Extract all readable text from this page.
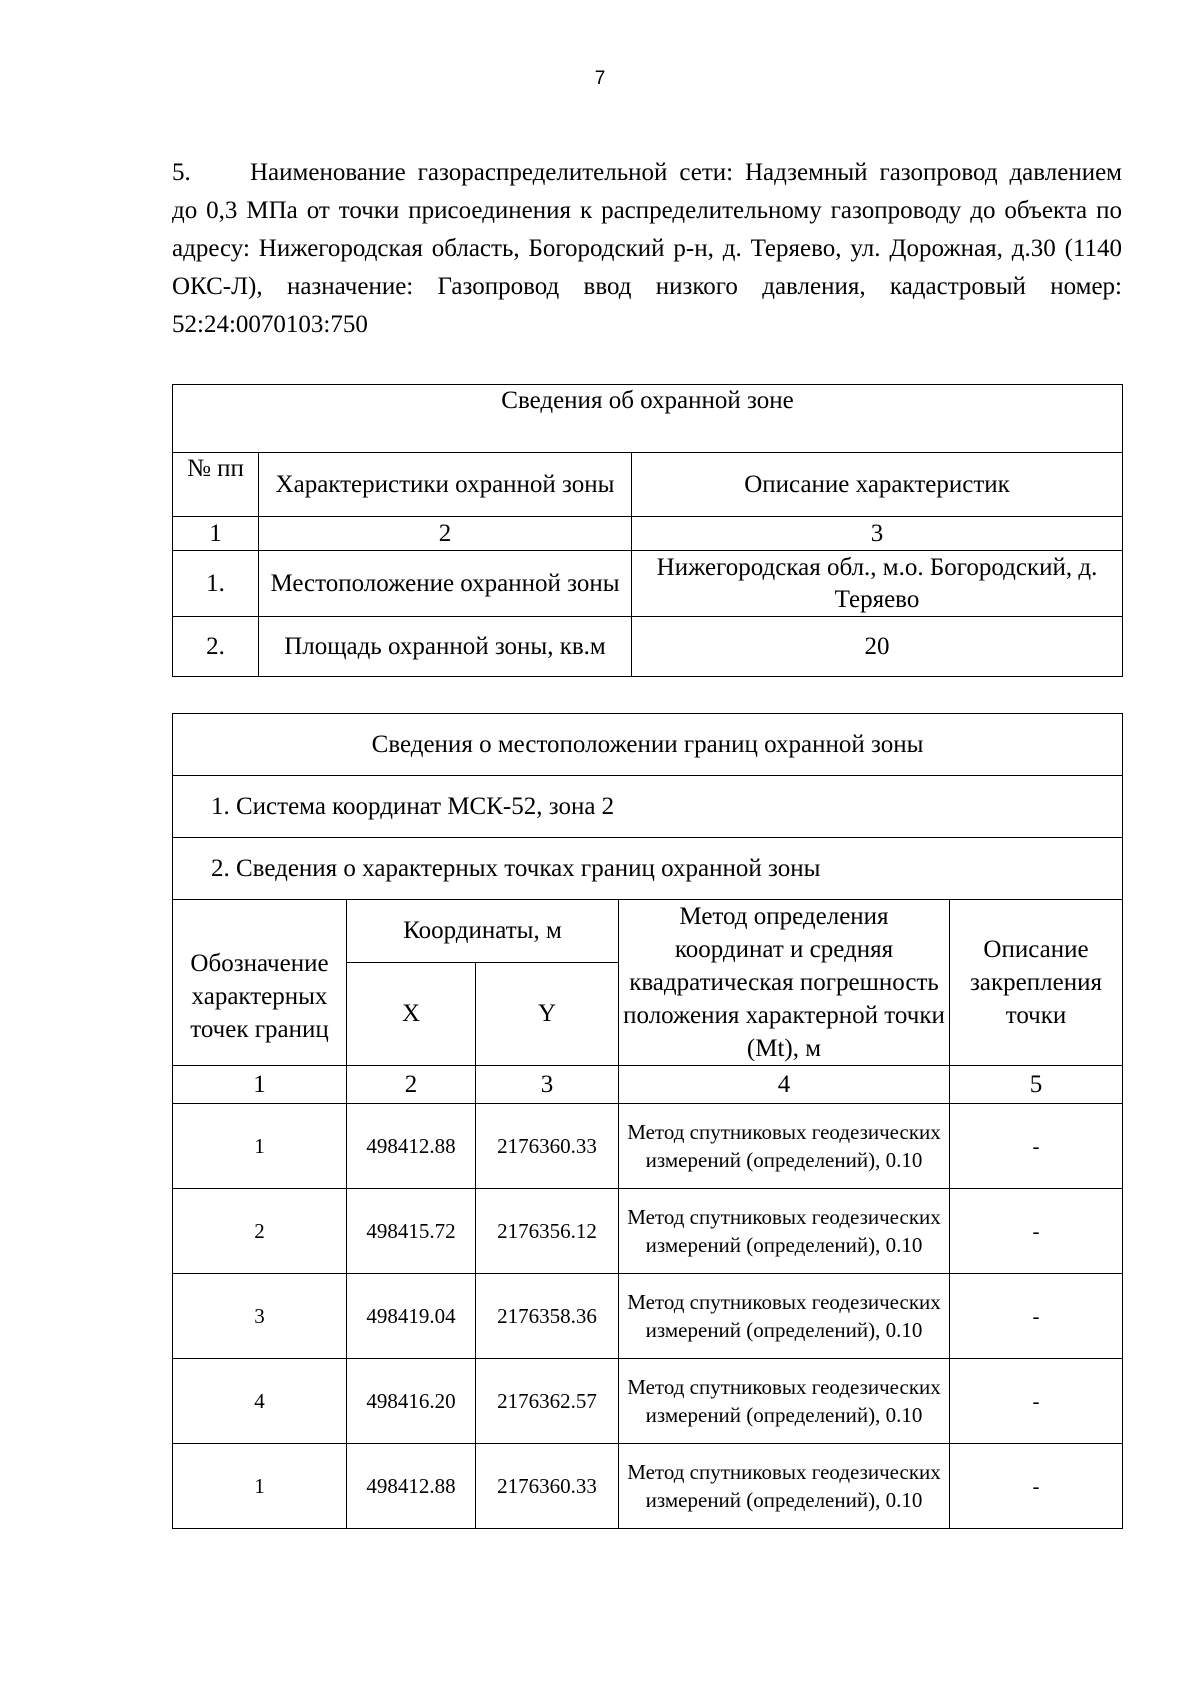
7
5. Наименование газораспределительной сети: Надземный газопровод давлением до 0,3 МПа от точки присоединения к распределительному газопроводу до объекта по адресу: Нижегородская область, Богородский р-н, д. Теряево, ул. Дорожная, д.30 (1140 ОКС-Л), назначение: Газопровод ввод низкого давления, кадастровый номер: 52:24:0070103:750
Сведения об охранной зоне		
№ пп	Характеристики охранной зоны	Описание характеристик
1	2	3
1.	Местоположение охранной зоны	Нижегородская обл., м.о. Богородский, д. Теряево
2.	Площадь охранной зоны, кв.м	20
Сведения о местоположении границ охранной зоны				
1. Система координат МСК-52, зона 2				
2. Сведения о характерных точках границ охранной зоны				
Обозначение характерных точек границ	Координаты, м		Метод определения координат и средняя квадратическая погрешность положения характерной точки (Mt), м	Описание закрепления точки
	X	Y		
1	2	3	4	5
1	498412.88	2176360.33	Метод спутниковых геодезических измерений (определений), 0.10	-
2	498415.72	2176356.12	Метод спутниковых геодезических измерений (определений), 0.10	-
3	498419.04	2176358.36	Метод спутниковых геодезических измерений (определений), 0.10	-
4	498416.20	2176362.57	Метод спутниковых геодезических измерений (определений), 0.10	-
1	498412.88	2176360.33	Метод спутниковых геодезических измерений (определений), 0.10	-
